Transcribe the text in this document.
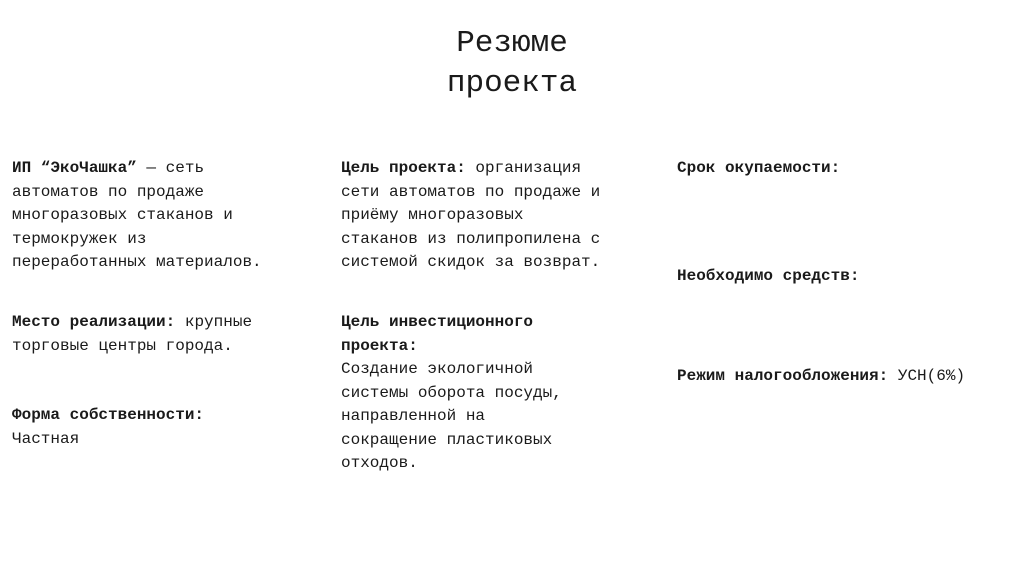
Резюме
проекта

ИП “ЭкоЧашка” — сеть
автоматов по продаже
многоразовых стаканов и
термокружек из
переработанных материалов.

Место реализации: крупные
торговые центры города.

Форма собственности:
Частная

Цель проекта: организация
сети автоматов по продаже и
приёму многоразовых
стаканов из полипропилена с
системой скидок за возврат.

Цель инвестиционного
проекта:
Создание экологичной
системы оборота посуды,
направленной на
сокращение пластиковых
отходов.

Срок окупаемости:

Необходимо средств:

Режим налогообложения: УСН(6%)
